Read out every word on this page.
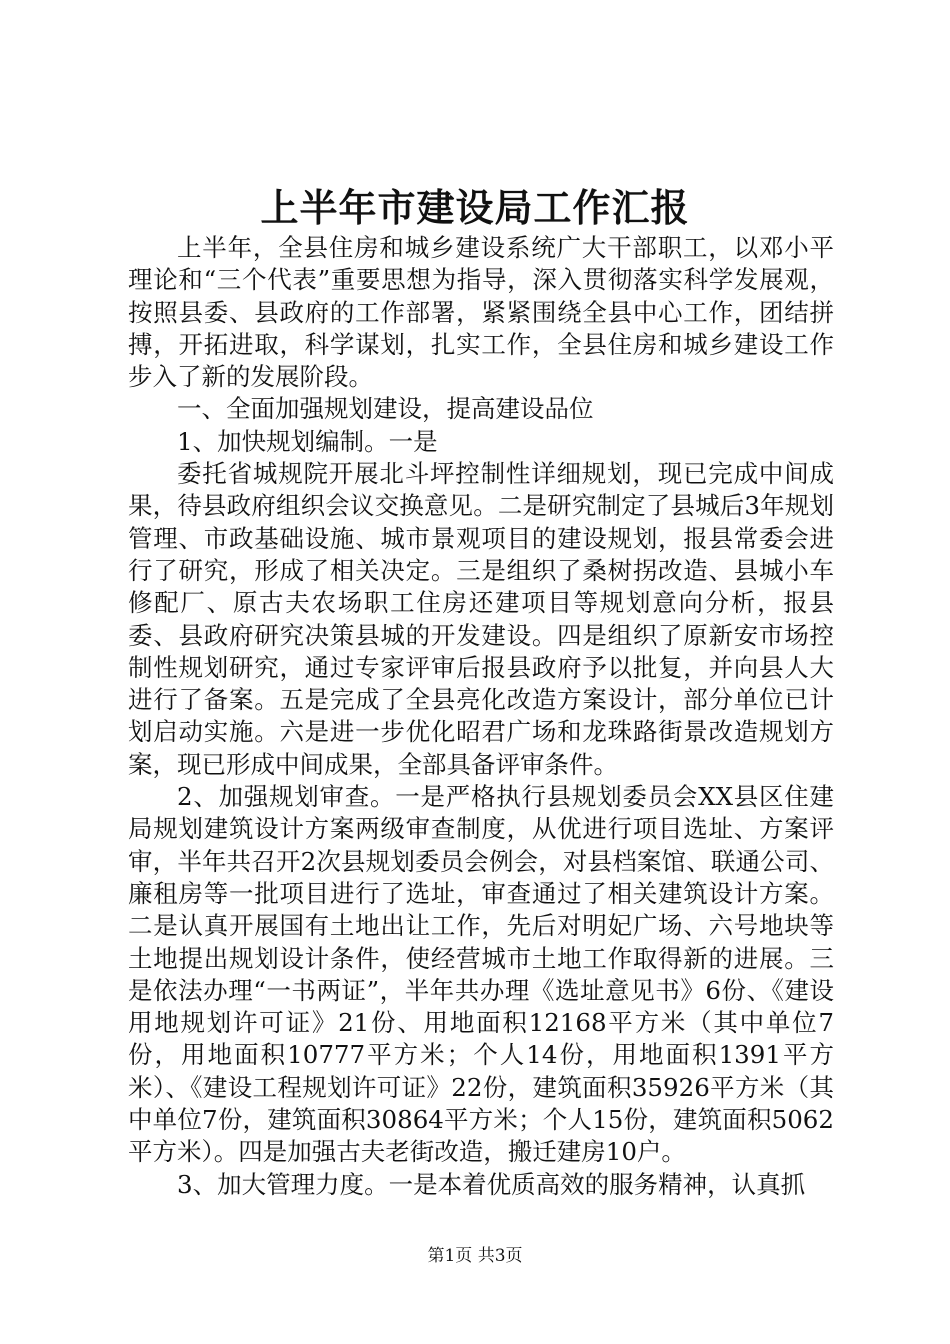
上半年市建设局工作汇报

上半年，全县住房和城乡建设系统广大干部职工，以邓小平理论和“三个代表”重要思想为指导，深入贯彻落实科学发展观，按照县委、县政府的工作部署，紧紧围绕全县中心工作，团结拼搏，开拓进取，科学谋划，扎实工作，全县住房和城乡建设工作步入了新的发展阶段。

一、全面加强规划建设，提高建设品位

1、加快规划编制。一是

委托省城规院开展北斗坪控制性详细规划，现已完成中间成果，待县政府组织会议交换意见。二是研究制定了县城后3年规划管理、市政基础设施、城市景观项目的建设规划，报县常委会进行了研究，形成了相关决定。三是组织了桑树拐改造、县城小车修配厂、原古夫农场职工住房还建项目等规划意向分析，报县委、县政府研究决策县城的开发建设。四是组织了原新安市场控制性规划研究，通过专家评审后报县政府予以批复，并向县人大进行了备案。五是完成了全县亮化改造方案设计，部分单位已计划启动实施。六是进一步优化昭君广场和龙珠路街景改造规划方案，现已形成中间成果，全部具备评审条件。

2、加强规划审查。一是严格执行县规划委员会XX县区住建局规划建筑设计方案两级审查制度，从优进行项目选址、方案评审，半年共召开2次县规划委员会例会，对县档案馆、联通公司、廉租房等一批项目进行了选址，审查通过了相关建筑设计方案。二是认真开展国有土地出让工作，先后对明妃广场、六号地块等土地提出规划设计条件，使经营城市土地工作取得新的进展。三是依法办理“一书两证”，半年共办理《选址意见书》6份、《建设用地规划许可证》21份、用地面积12168平方米（其中单位7份，用地面积10777平方米；个人14份，用地面积1391平方米）、《建设工程规划许可证》22份，建筑面积35926平方米（其中单位7份，建筑面积30864平方米；个人15份，建筑面积5062平方米）。四是加强古夫老街改造，搬迁建房10户。

3、加大管理力度。一是本着优质高效的服务精神，认真抓

第1页 共3页
